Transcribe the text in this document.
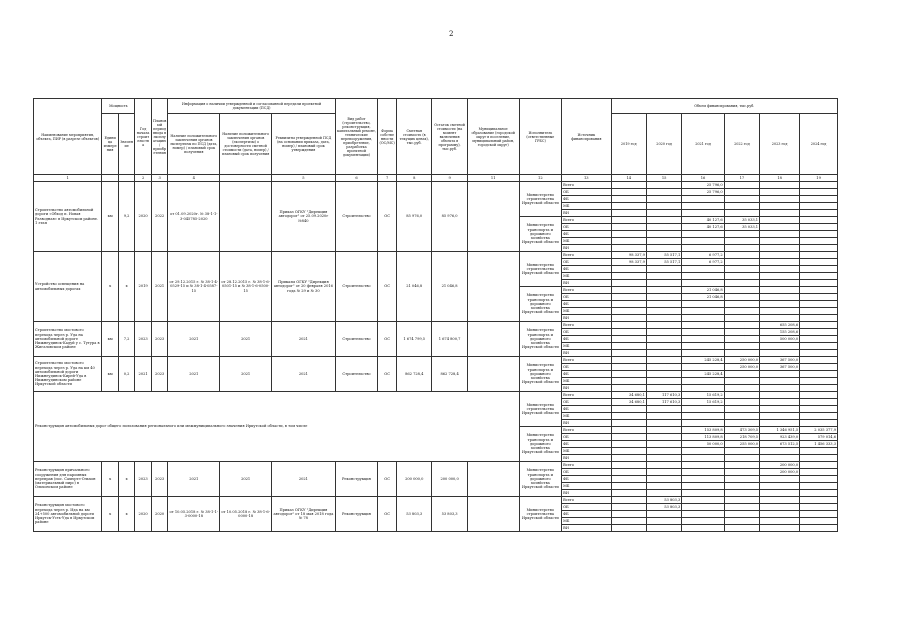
2
Наименование мероприятия, объекта, ПИР (в разрезе объектов)	Мощность		Год начала строительства	Плановый период ввода в эксплуатацию/ приобретения	Информация о наличии утвержденной и согласованной передачи проектной документации (ПСД)			Вид работ (строительство, реконструкция, капитальный ремонт, технические перевооружения, приобретение, разработка проектной документации)	Форма собственности (ОС/МС)	Сметная стоимость (в текущих ценах), тыс.руб.	Остаток сметной стоимости (на момент включения объекта в программу), тыс.руб.	Муниципальное образование (городской округ в поселение, муниципальный район, городской округ)	Исполнитель (ответственные ГРБС)	Источник финансирования	Объем финансирования, тыс.руб.					
	Единица измерения	Значение			Наличие положительного заключения органов экспертизы по ПСД (дата, номер) / плановый срок получения	Наличие положительного заключения органов (экспертизы) о достоверности сметной стоимости (дата, номер) / плановый срок получения	Реквизиты утвержденной ПСД (на основании приказа, дата, номер) / плановый срок утверждения								2019 год	2020 год	2021 год	2022 год	2023 год	2024 год
1			2	3	4		5	6	7	8	9	11	12	13	14	15	16	17	18	19
Строительство автомобильной дороги «Обход п. Новая Разводная» в Иркутском районе. 1 этап	км	9,2	2020	2022	от 01.09.2020г. № 38-1-1-3-045785-2020		Приказ ОГКУ "Дирекция автодорог" от 25.09.2020г №840	Строительство	ОС	85 976,0	85 976,0		Министерство строительства Иркутской области	Всего			25 796,0			
														ОБ			25 796,0			
														ФБ						
														МБ						
														ВИ						
													Министерство транспорта и дорожного хозяйства Иркутской области	Всего			40 127,6	35 033,1		
														ОБ			40 127,6	35 033,1		
														ФБ						
														МБ						
														ВИ						
Устройство освещения на автомобильных дорогах	х	х	2019	2021	от 29.12.2015 г. № 38-1-4-0529-15 и № 38-1-4-0587-15	от 28.12.2015 г. № 38-1-6-0501-15 и № 38-1-6-0500-15	Приказы ОГКУ "Дирекция автодорог" от 20 февраля 2016 года № 29 и № 30	Строительство	ОС	21 046,8	21 046,8		Министерство строительства Иркутской области	Всего	98 337,9	55 517,1	6 977,2			
														ОБ	98 337,9	55 517,1	6 977,2			
														ФБ						
														МБ						
														ВИ						
													Министерство транспорта и дорожного хозяйства Иркутской области	Всего			21 046,8			
														ОБ			21 046,8			
														ФБ						
														МБ						
														ВИ						
Строительство мостового перехода через р. Уда на автомобильной дороге Нижнеудинск-Кадуй у с. Тутура в Жигаловском районе	км	7,2	2023	2023	2021	2021	2021	Строительство	ОС	1 674 799,5	1 674 800,7		Министерство транспорта и дорожного хозяйства Иркутской области	Всего					655 208,6	
														ОБ					155 208,6	
														ФБ					500 000,0	
														МБ						
														ВИ						
Строительство мостового перехода через р. Уда на км 40 автомобильной дороги Нижнеудинск-Кирей-Уда в Нижнеудинском районе Иркутской области	км	0,2	2021	2023	2021	2021	2021	Строительство	ОС	862 728,4	862 728,4		Министерство транспорта и дорожного хозяйства Иркутской области	Всего			245 228,4	250 000,0	367 500,0	
														ОБ				250 000,0	367 500,0	
														ФБ			245 228,4			
														МБ						
														ВИ						
Реконструкция автомобильных дорог общего пользования регионального или межмуниципального значения Иркутской области, в том числе													Министерство строительства Иркутской области	Всего	34 680,1	117 610,3	15 619,2			
														ОБ	34 680,1	117 610,3	15 619,2			
														ФБ						
														МБ						
														ВИ						
													Министерство транспорта и дорожного хозяйства Иркутской области	Всего			153 809,8	473 309,5	1 346 951,5	2 035 377,9
														ОБ			113 809,8	218 709,5	923 439,0	579 014,6
														ФБ			50 000,0	255 000,0	673 512,5	1 456 333,3
														МБ						
														ВИ						
Реконструкция причального сооружения для паромных переправ (пос. Сахюртэ-Ольхон (материальный пирс) в Ольхонском районе	х	х	2023	2023	2021	2021	2021	Реконструкция	ОС	200 000,0	200 000,0		Министерство транспорта и дорожного хозяйства Иркутской области	Всего					200 000,0	
														ОБ					200 000,0	
														ФБ						
														МБ						
														ВИ						
Реконструкция мостового перехода через р. Ида на км 24+500 автомобильной дороги Иркутск-Усть-Уда в Иркутском районе	х	х	2020	2020	от 10.05.2018 г. № 38-1-1-3-0000-18	от 10.05.2018 г. № 38-1-6-0000-18	Приказ ОГКУ "Дирекция автодорог" от 18 мая 2018 года № 78	Реконструкция	ОС	53 803,3	53 803,3		Министерство строительства Иркутской области	Всего		53 803,3				
														ОБ		53 803,3				
														ФБ						
														МБ						
														ВИ						
